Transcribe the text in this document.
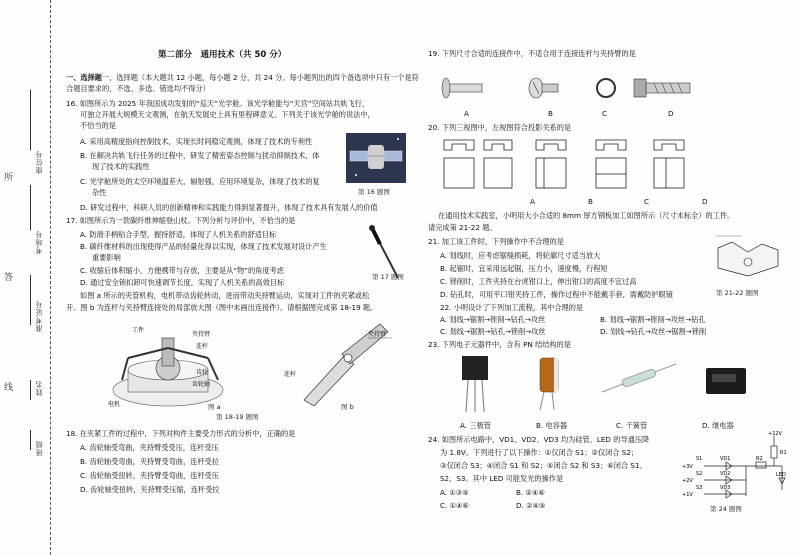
所
答
线
座位号
考场号
准考证号
姓名
班级
第二部分　通用技术（共 50 分）
一、选择题一、选择题（本大题共 12 小题，每小题 2 分，共 24 分。每小题列出的四个备选项中只有一个是符
合题目要求的，不选、多选、错选均不得分）
16. 如图所示为 2025 年我国成功发射的“巡天”光学舱。该光学舱能与“天宫”空间站共轨飞行，
可独立开展大规模天文观测，在航天发展史上具有里程碑意义。下列关于该光学舱的说法中，
不恰当的是
A. 采用高精度指向控制技术，实现长时间稳定观测，体现了技术的专利性
B. 在解决共轨飞行任务的过程中，研发了精密姿态控制与扰动抑制技术，体
现了技术的实践性
C. 光学舱所处的太空环境温差大、辐射强，应用环境复杂，体现了技术的复
杂性
D. 研发过程中，科研人员的创新精神和实践能力得到显著提升，体现了技术具有发展人的价值
第 16 题图
17. 如图所示为一款碳纤维伸缩登山杖。下列分析与评价中，不恰当的是
A. 防滑手柄贴合手型，握持舒适，体现了人机关系的舒适目标
B. 碳纤维材料的出现使得产品的轻量化得以实现，体现了技术发展对设计产生
重要影响
C. 收缩后体积缩小，方便携带与存放，主要是从“物”的角度考虑
D. 通过安全锁扣卸可快速调节长度，实现了人机关系的高效目标
第 17 题图
如图 a 所示的夹管机构，电机带动齿轮转动，进而带动夹持臂运动，实现对工件的夹紧或松
开。图 b 为连杆与夹持臂连接处的局部放大图（图中未画出连接件）。请根据图完成第 18-19 题。
工件
夹持臂
连杆
齿轮
齿轮轴
电机	图 a
夹持臂
连杆
图 b
第 18-19 题图
18. 在夹紧工件的过程中，下列对构件主要受力形式的分析中，正确的是
A. 齿轮轴受弯曲，夹持臂受受压，连杆受压
B. 齿轮轴受弯曲，夹持臂受弯曲，连杆受拉
C. 齿轮轴受扭转，夹持臂受弯曲，连杆受压
D. 齿轮轴受扭转，夹持臂受压缩，连杆受拉
19. 下列尺寸合适的连接件中，不适合用于连接连杆与夹持臂的是
A	B	C	D
20. 下列三视图中，左视图符合投影关系的是
A	B	C	D
在通用技术实践室，小明用大小合适的 8mm 厚方钢板加工如图所示（尺寸未标全）的工件。
请完成第 21-22 题。
第 21-22 题图
21. 加工该工件时，下列操作中不合理的是
A. 划线时，应考虑锯缝损耗，将轮廓尺寸适当放大
B. 起锯时，宜采用远起锯，压力小，速度慢，行程短
C. 锉削时，工件夹持在台虎钳口上，伸出钳口的高度不宜过高
D. 钻孔时，可用平口钳夹持工件，操作过程中不能戴手套，需戴防护眼镜
22. 小明设计了下列加工流程，其中合理的是
A. 划线→锯割→锉削→钻孔→攻丝	B. 划线→锯割→锉削→攻丝→钻孔
C. 划线→锯割→钻孔→锉削→攻丝	D. 划线→钻孔→攻丝→锯割→锉削
23. 下列电子元器件中，含有 PN 结结构的是
A. 三极管	B. 电容器	C. 干簧管	D. 继电器
24. 如图所示电路中，VD1、VD2、VD3 均为硅管，LED 的导通压降
为 1.8V。下列进行了以下操作：①仅闭合 S1；②仅闭合 S2；
③仅闭合 S3；④闭合 S1 和 S2；⑤闭合 S2 和 S3；⑥闭合 S1、
S2、S3。其中 LED 可能发光的操作是
A. ①③⑤	B. ②④⑥
C. ①④⑥	D. ②④⑤
+12V
R1
S1	VD1
S2	VD2
S3	VD3
+3V
+2V
+1V
R2
LED
第 24 题图
